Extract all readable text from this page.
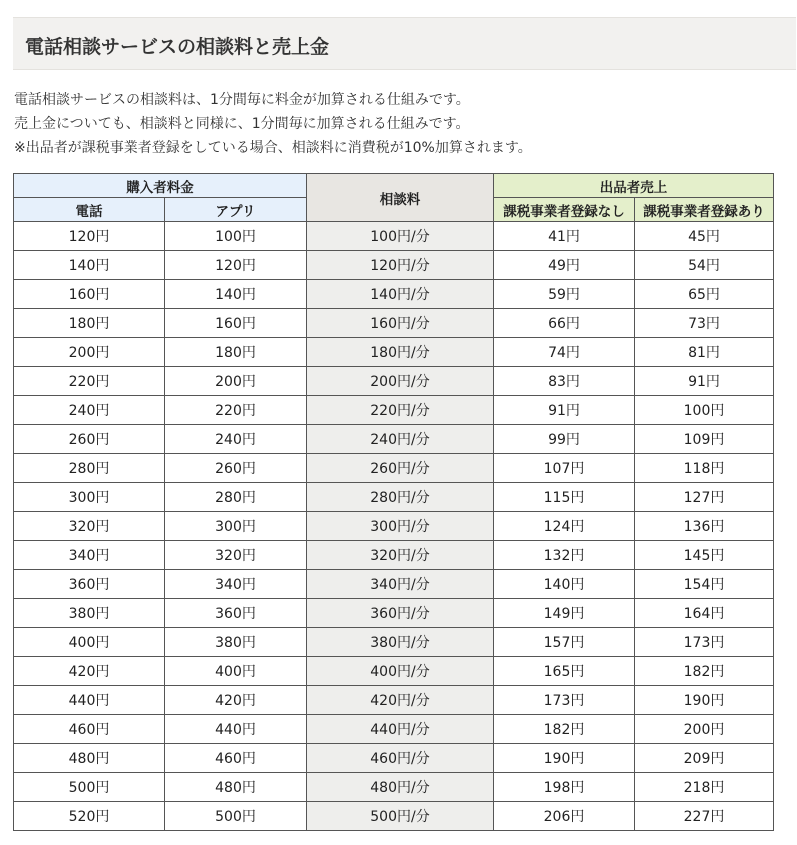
電話相談サービスの相談料と売上金
電話相談サービスの相談料は、1分間毎に料金が加算される仕組みです。
売上金についても、相談料と同様に、1分間毎に加算される仕組みです。
※出品者が課税事業者登録をしている場合、相談料に消費税が10%加算されます。
購入者料金		相談料	出品者売上	
電話	アプリ		課税事業者登録なし	課税事業者登録あり
120円	100円	100円/分	41円	45円
140円	120円	120円/分	49円	54円
160円	140円	140円/分	59円	65円
180円	160円	160円/分	66円	73円
200円	180円	180円/分	74円	81円
220円	200円	200円/分	83円	91円
240円	220円	220円/分	91円	100円
260円	240円	240円/分	99円	109円
280円	260円	260円/分	107円	118円
300円	280円	280円/分	115円	127円
320円	300円	300円/分	124円	136円
340円	320円	320円/分	132円	145円
360円	340円	340円/分	140円	154円
380円	360円	360円/分	149円	164円
400円	380円	380円/分	157円	173円
420円	400円	400円/分	165円	182円
440円	420円	420円/分	173円	190円
460円	440円	440円/分	182円	200円
480円	460円	460円/分	190円	209円
500円	480円	480円/分	198円	218円
520円	500円	500円/分	206円	227円
